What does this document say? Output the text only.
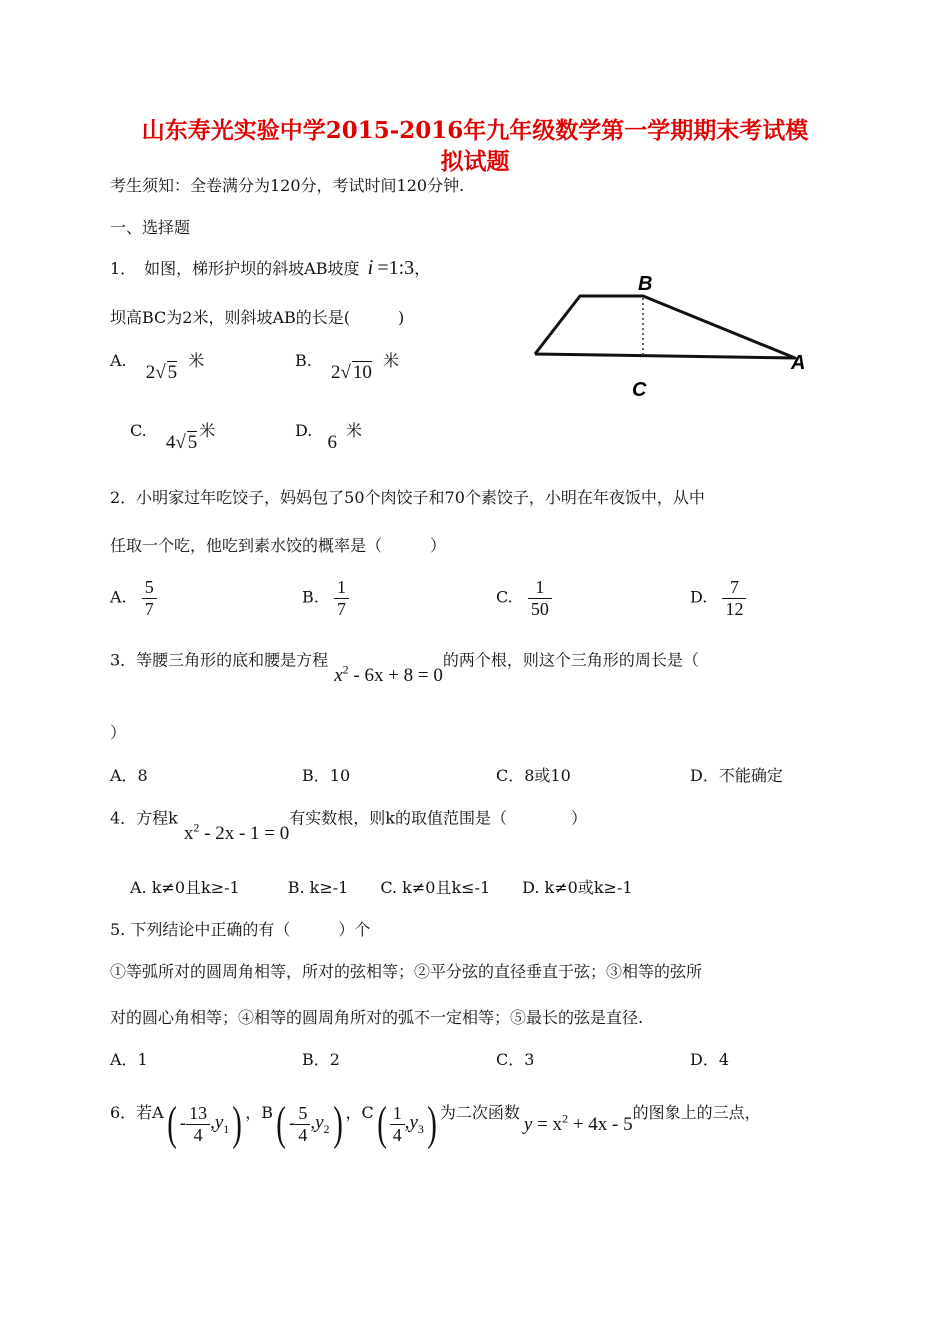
山东寿光实验中学2015-2016年九年级数学第一学期期末考试模
拟试题
考生须知：全卷满分为120分，考试时间120分钟.
一、选择题
1．　如图，梯形护坝的斜坡AB坡度 i =1:3，
坝高BC为2米，则斜坡AB的长是(　　　)
A. 2√ 5 米	B. 2√ 10 米
C. 4√ 5米	D. 6 米
B
A
C
2．小明家过年吃饺子，妈妈包了50个肉饺子和70个素饺子，小明在年夜饭中，从中
任取一个吃，他吃到素水饺的概率是（　　　）
A. $\frac{5}{7}$	B. $\frac{1}{7}$	C. $\frac{1}{50}$	D. $\frac{7}{12}$
3．等腰三角形的底和腰是方程$x^2 - 6x + 8 = 0$的两个根，则这个三角形的周长是（
）
A．8	B．10	C．8或10	D．不能确定
4．方程$kx^2 - 2x - 1 = 0$有实数根，则k的取值范围是（　　　　）
A. k≠0且k≥-1　　　B. k≥-1　　C. k≠0且k≤-1　　D. k≠0或k≥-1
5. 下列结论中正确的有（　　　）个
①等弧所对的圆周角相等，所对的弦相等；②平分弦的直径垂直于弦；③相等的弦所
对的圆心角相等；④相等的圆周角所对的弧不一定相等；⑤最长的弦是直径.
A．1	B．2	C．3	D．4
6．若$A( - \frac{13}{4} ,y_1)$ ，$B( - \frac{5}{4} ,y_2)$ ，$C( \frac{1}{4} ,y_3)$ 为二次函数$y = x^2 + 4x - 5$的图象上的三点，
